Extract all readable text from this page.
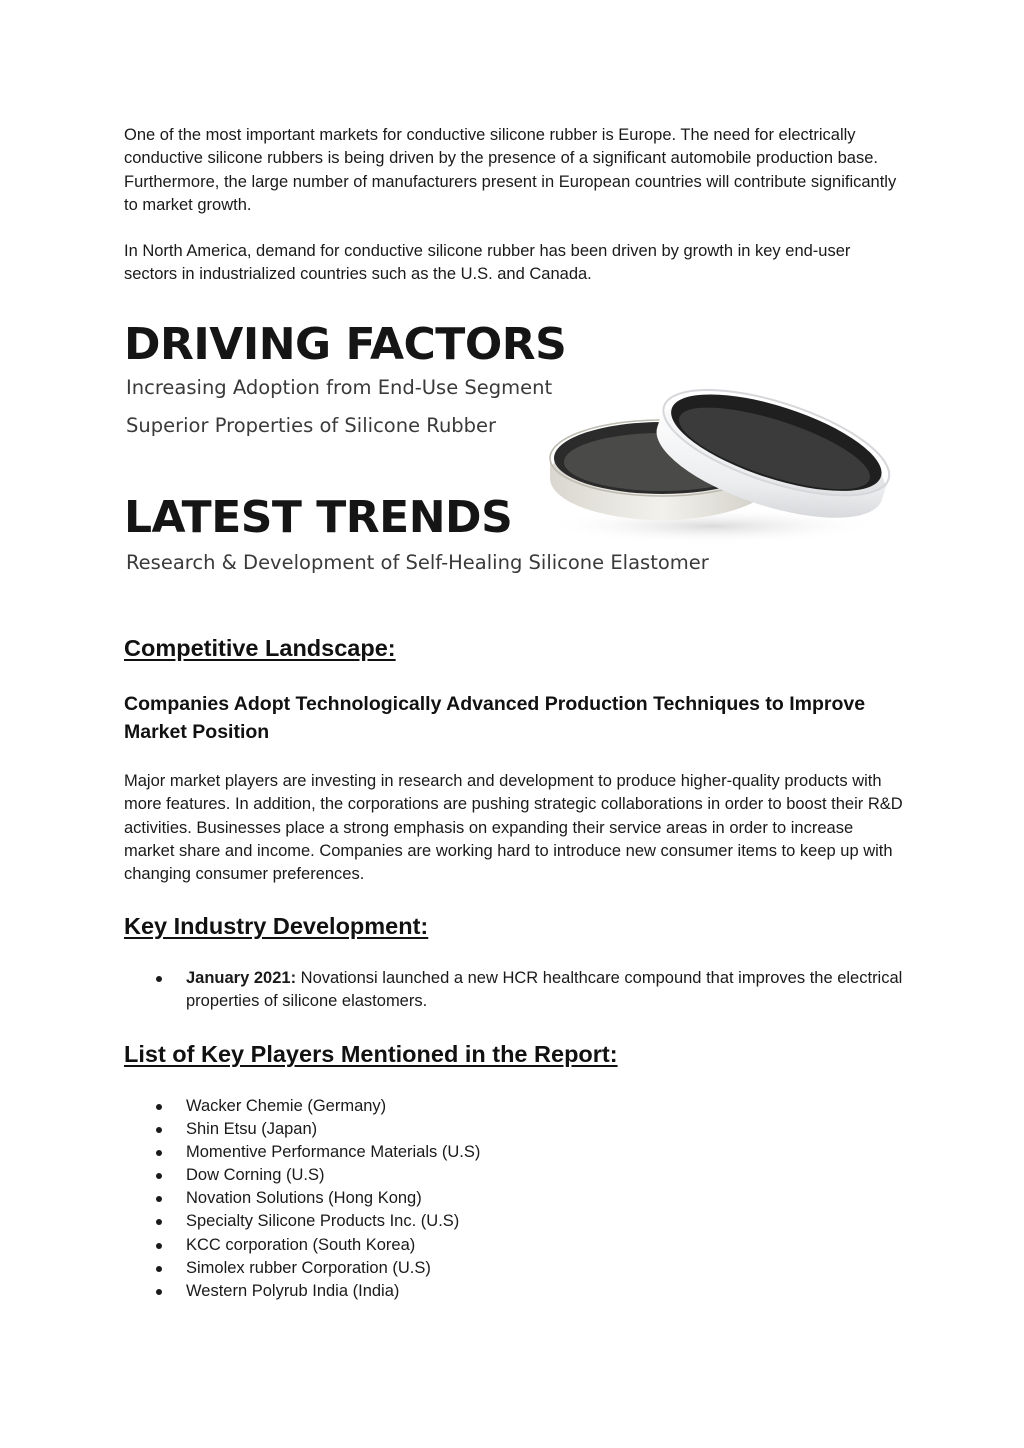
One of the most important markets for conductive silicone rubber is Europe. The need for electrically conductive silicone rubbers is being driven by the presence of a significant automobile production base. Furthermore, the large number of manufacturers present in European countries will contribute significantly to market growth.

In North America, demand for conductive silicone rubber has been driven by growth in key end-user sectors in industrialized countries such as the U.S. and Canada.

DRIVING FACTORS
Increasing Adoption from End-Use Segment
Superior Properties of Silicone Rubber
LATEST TRENDS
Research & Development of Self-Healing Silicone Elastomer
Competitive Landscape:
Companies Adopt Technologically Advanced Production Techniques to Improve Market Position

Major market players are investing in research and development to produce higher-quality products with more features. In addition, the corporations are pushing strategic collaborations in order to boost their R&D activities. Businesses place a strong emphasis on expanding their service areas in order to increase market share and income. Companies are working hard to introduce new consumer items to keep up with changing consumer preferences.

Key Industry Development:
January 2021: Novationsi launched a new HCR healthcare compound that improves the electrical properties of silicone elastomers.
List of Key Players Mentioned in the Report:
Wacker Chemie (Germany)
Shin Etsu (Japan)
Momentive Performance Materials (U.S)
Dow Corning (U.S)
Novation Solutions (Hong Kong)
Specialty Silicone Products Inc. (U.S)
KCC corporation (South Korea)
Simolex rubber Corporation (U.S)
Western Polyrub India (India)
